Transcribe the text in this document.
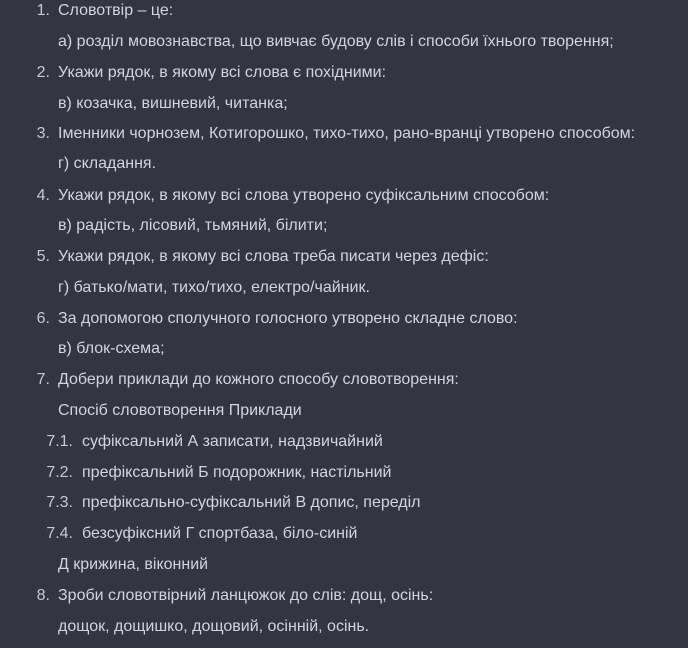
1. Словотвір – це:
а) розділ мовознавства, що вивчає будову слів і способи їхнього творення;
2. Укажи рядок, в якому всі слова є похідними:
в) козачка, вишневий, читанка;
3. Іменники чорнозем, Котигорошко, тихо-тихо, рано-вранці утворено способом:
г) складання.
4. Укажи рядок, в якому всі слова утворено суфіксальним способом:
в) радість, лісовий, тьмяний, білити;
5. Укажи рядок, в якому всі слова треба писати через дефіс:
г) батько/мати, тихо/тихо, електро/чайник.
6. За допомогою сполучного голосного утворено складне слово:
в) блок-схема;
7. Добери приклади до кожного способу словотворення:
Спосіб словотворення Приклади
7.1. суфіксальний А записати, надзвичайний
7.2. префіксальний Б подорожник, настільний
7.3. префіксально-суфіксальний В допис, переділ
7.4. безсуфіксний Г спортбаза, біло-синій
Д крижина, віконний
8. Зроби словотвірний ланцюжок до слів: дощ, осінь:
дощок, дощишко, дощовий, осінній, осінь.
